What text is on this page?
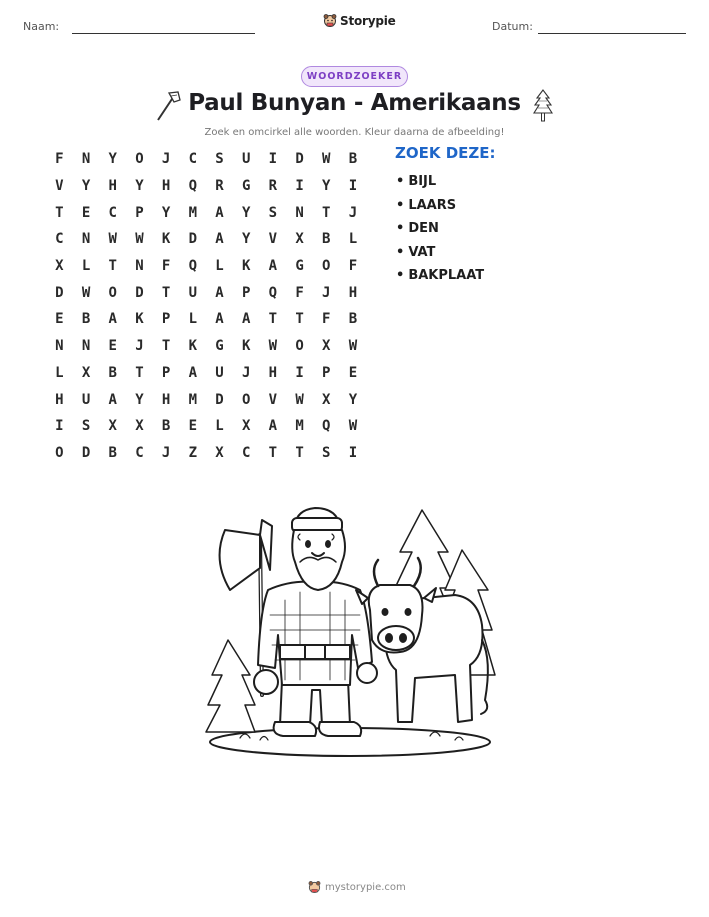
Naam:	Storypie	Datum:
WOORDZOEKER
Paul Bunyan - Amerikaans
Zoek en omcirkel alle woorden. Kleur daarna de afbeelding!
F	N	Y	O	J	C	S	U	I	D	W	B
V	Y	H	Y	H	Q	R	G	R	I	Y	I
T	E	C	P	Y	M	A	Y	S	N	T	J
C	N	W	W	K	D	A	Y	V	X	B	L
X	L	T	N	F	Q	L	K	A	G	O	F
D	W	O	D	T	U	A	P	Q	F	J	H
E	B	A	K	P	L	A	A	T	T	F	B
N	N	E	J	T	K	G	K	W	O	X	W
L	X	B	T	P	A	U	J	H	I	P	E
H	U	A	Y	H	M	D	O	V	W	X	Y
I	S	X	X	B	E	L	X	A	M	Q	W
O	D	B	C	J	Z	X	C	T	T	S	I
ZOEK DEZE:
• BIJL
• LAARS
• DEN
• VAT
• BAKPLAAT
mystorypie.com
